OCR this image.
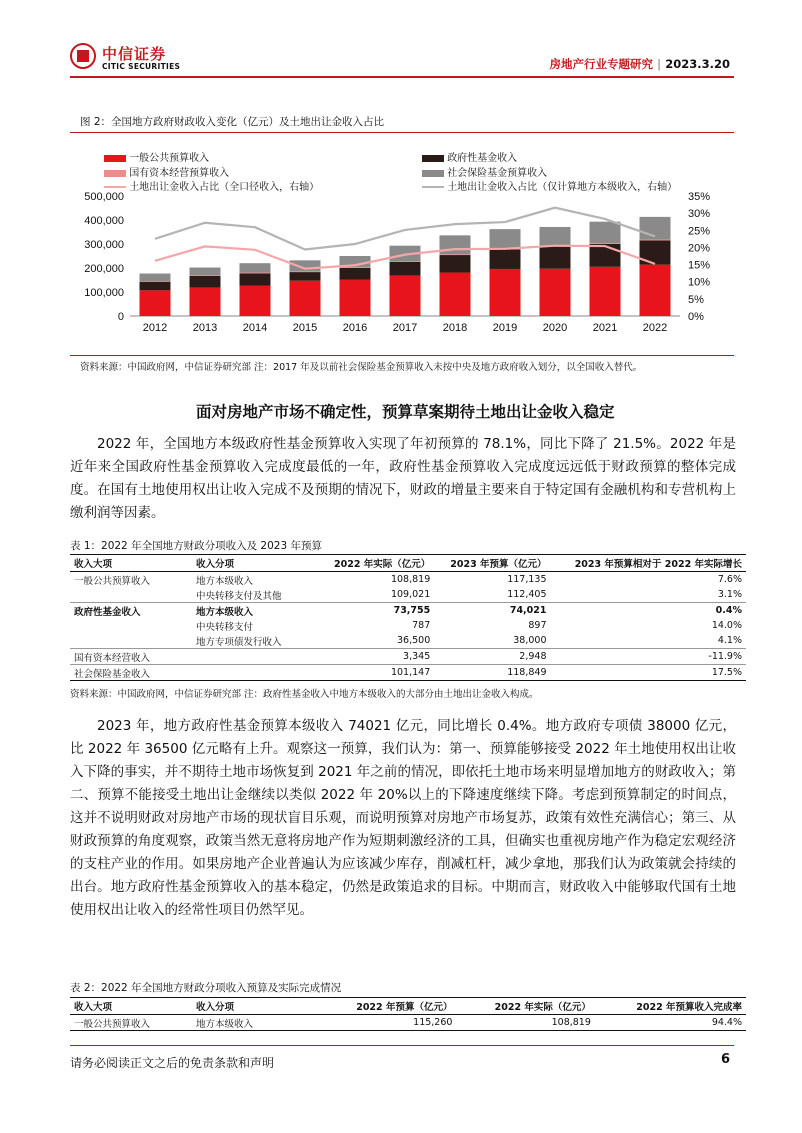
中信证券
CITIC SECURITIES	房地产行业专题研究 | 2023.3.20
图 2：全国地方政府财政收入变化（亿元）及土地出让金收入占比
一般公共预算收入	政府性基金收入
国有资本经营预算收入	社会保险基金预算收入
土地出让金收入占比（全口径收入，右轴）	土地出让金收入占比（仅计算地方本级收入，右轴）
0
100,000
200,000
300,000
400,000
500,000
0%
5%
10%
15%
20%
25%
30%
35%
2012 2013 2014 2015 2016 2017 2018 2019 2020 2021 2022
资料来源：中国政府网，中信证券研究部 注：2017 年及以前社会保险基金预算收入未按中央及地方政府收入划分，以全国收入替代。
面对房地产市场不确定性，预算草案期待土地出让金收入稳定

2022 年，全国地方本级政府性基金预算收入实现了年初预算的 78.1%，同比下降了 21.5%。2022 年是近年来全国政府性基金预算收入完成度最低的一年，政府性基金预算收入完成度远远低于财政预算的整体完成度。在国有土地使用权出让收入完成不及预期的情况下，财政的增量主要来自于特定国有金融机构和专营机构上缴利润等因素。

表 1：2022 年全国地方财政分项收入及 2023 年预算
收入大项	收入分项	2022 年实际（亿元）	2023 年预算（亿元）	2023 年预算相对于 2022 年实际增长
一般公共预算收入	地方本级收入	108,819	117,135	7.6%
	中央转移支付及其他	109,021	112,405	3.1%
政府性基金收入	地方本级收入	73,755	74,021	0.4%
	中央转移支付	787	897	14.0%
	地方专项债发行收入	36,500	38,000	4.1%
国有资本经营收入		3,345	2,948	-11.9%
社会保险基金收入		101,147	118,849	17.5%
资料来源：中国政府网，中信证券研究部 注：政府性基金收入中地方本级收入的大部分由土地出让金收入构成。

2023 年，地方政府性基金预算本级收入 74021 亿元，同比增长 0.4%。地方政府专项债 38000 亿元，比 2022 年 36500 亿元略有上升。观察这一预算，我们认为：第一、预算能够接受 2022 年土地使用权出让收入下降的事实，并不期待土地市场恢复到 2021 年之前的情况，即依托土地市场来明显增加地方的财政收入；第二、预算不能接受土地出让金继续以类似 2022 年 20%以上的下降速度继续下降。考虑到预算制定的时间点，这并不说明财政对房地产市场的现状盲目乐观，而说明预算对房地产市场复苏，政策有效性充满信心；第三、从财政预算的角度观察，政策当然无意将房地产作为短期刺激经济的工具，但确实也重视房地产作为稳定宏观经济的支柱产业的作用。如果房地产企业普遍认为应该减少库存，削减杠杆，减少拿地，那我们认为政策就会持续的出台。地方政府性基金预算收入的基本稳定，仍然是政策追求的目标。中期而言，财政收入中能够取代国有土地使用权出让收入的经常性项目仍然罕见。

表 2：2022 年全国地方财政分项收入预算及实际完成情况
收入大项	收入分项	2022 年预算（亿元）	2022 年实际（亿元）	2022 年预算收入完成率
一般公共预算收入	地方本级收入	115,260	108,819	94.4%
请务必阅读正文之后的免责条款和声明	6
